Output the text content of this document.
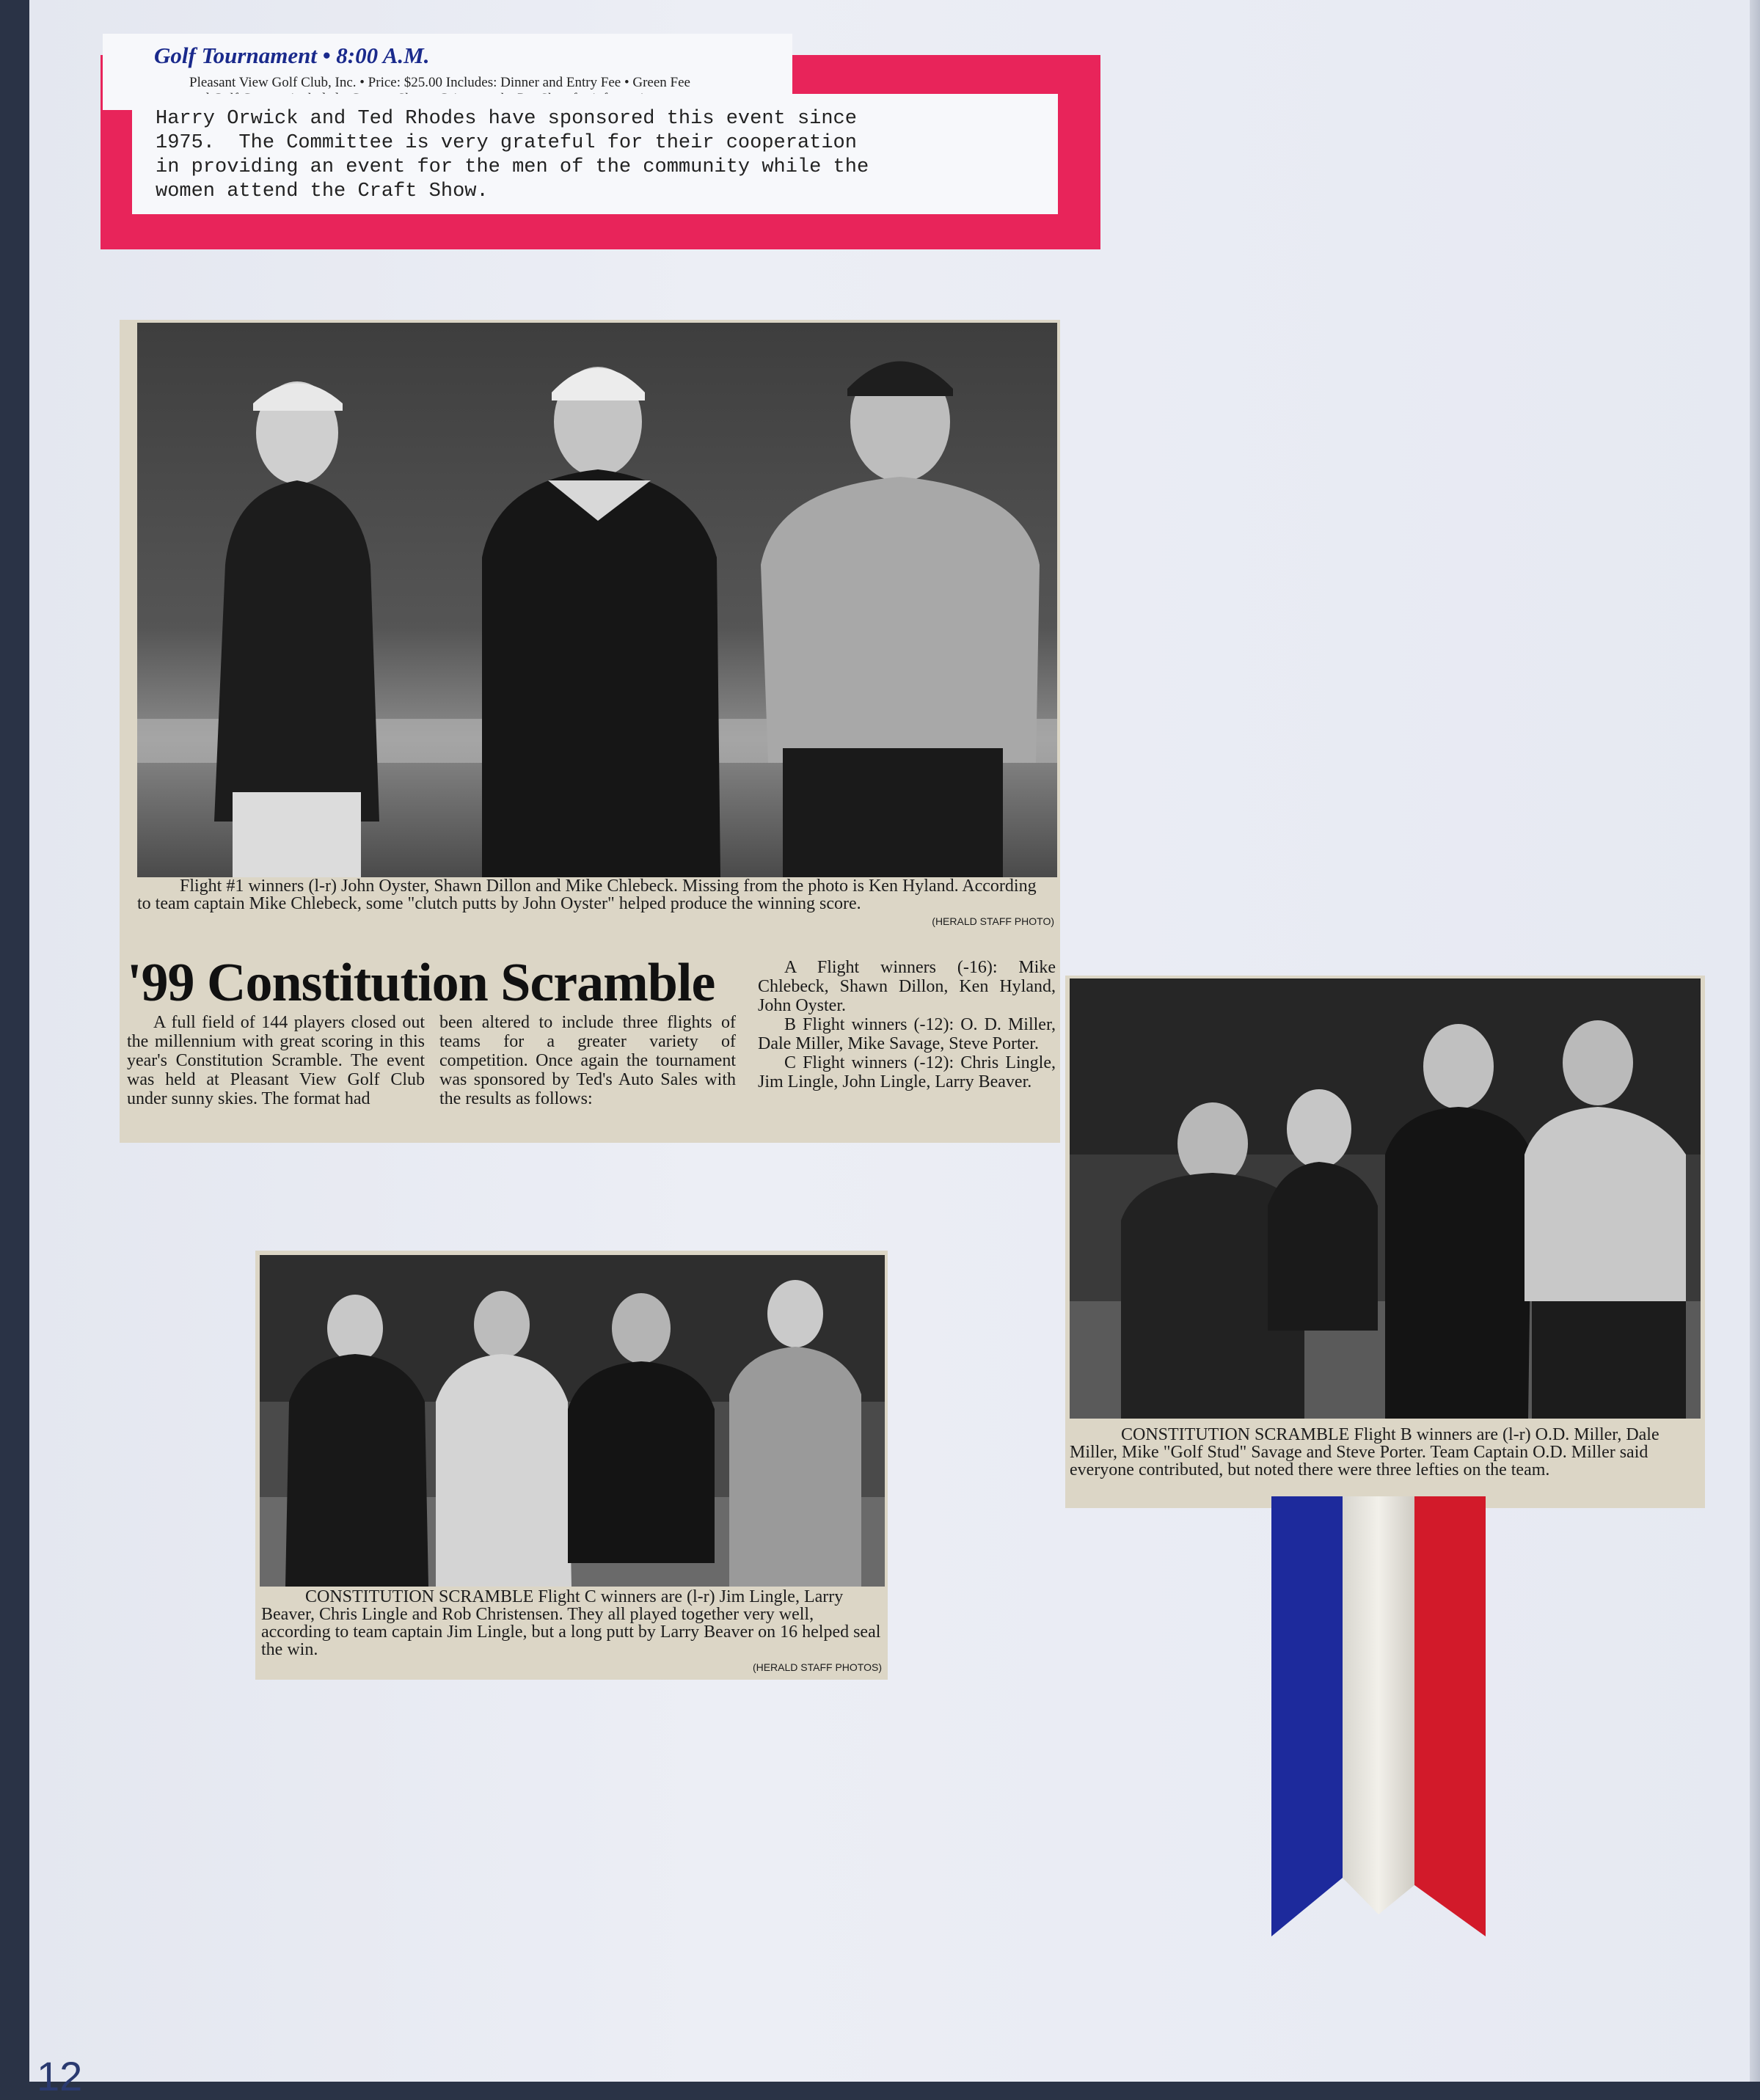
Golf Tournament • 8:00 A.M.
Pleasant View Golf Club, Inc. • Price: $25.00 Includes: Dinner and Entry Fee • Green Fee
Harry Orwick and Ted Rhodes have sponsored this event since
1975.  The Committee is very grateful for their cooperation
in providing an event for the men of the community while the
women attend the Craft Show.
Flight #1 winners (l-r) John Oyster, Shawn Dillon and Mike Chlebeck. Missing from the photo is Ken Hyland. According to team captain Mike Chlebeck, some "clutch putts by John Oyster" helped produce the winning score.
(HERALD STAFF PHOTO)
'99 Constitution Scramble

A full field of 144 players closed out the millennium with great scoring in this year's Constitution Scramble. The event was held at Pleasant View Golf Club under sunny skies. The format had

been altered to include three flights of teams for a greater variety of competition. Once again the tournament was sponsored by Ted's Auto Sales with the results as follows:

A Flight winners (-16): Mike Chlebeck, Shawn Dillon, Ken Hyland, John Oyster.

B Flight winners (-12): O. D. Miller, Dale Miller, Mike Savage, Steve Porter.

C Flight winners (-12): Chris Lingle, Jim Lingle, John Lingle, Larry Beaver.

CONSTITUTION SCRAMBLE Flight C winners are (l-r) Jim Lingle, Larry Beaver, Chris Lingle and Rob Christensen. They all played together very well, according to team captain Jim Lingle, but a long putt by Larry Beaver on 16 helped seal the win.
(HERALD STAFF PHOTOS)
CONSTITUTION SCRAMBLE Flight B winners are (l-r) O.D. Miller, Dale Miller, Mike "Golf Stud" Savage and Steve Porter. Team Captain O.D. Miller said everyone contributed, but noted there were three lefties on the team.
12
